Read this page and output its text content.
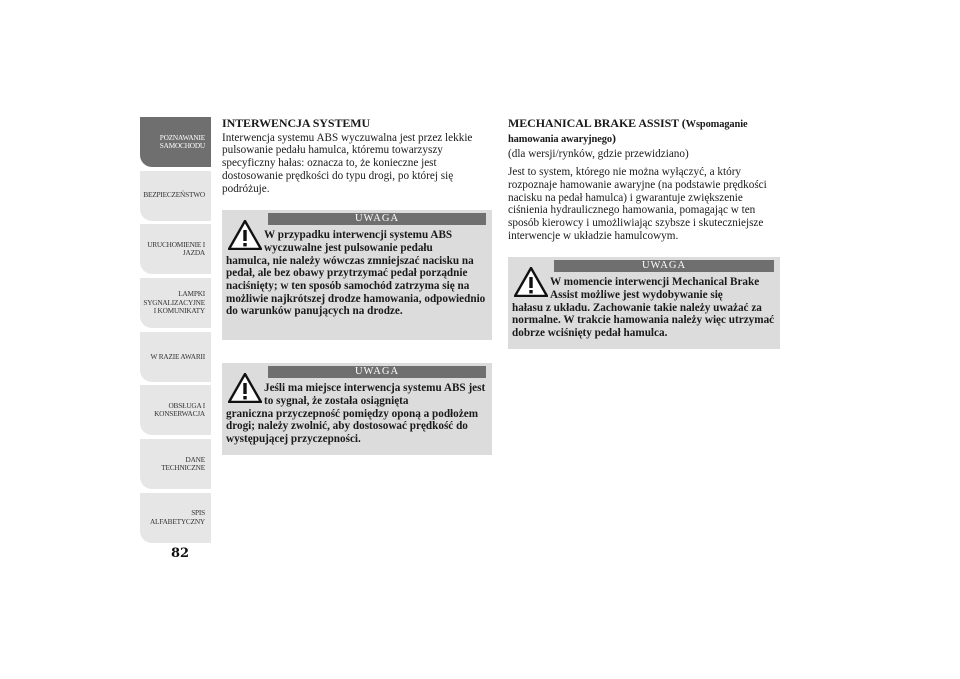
POZNAWANIE
SAMOCHODU
BEZPIECZEŃSTWO
URUCHOMIENIE I
JAZDA
LAMPKI
SYGNALIZACYJNE
I KOMUNIKATY
W RAZIE AWARII
OBSŁUGA I
KONSERWACJA
DANE
TECHNICZNE
SPIS
ALFABETYCZNY
82
INTERWENCJA SYSTEMU

Interwencja systemu ABS wyczuwalna jest przez lekkie pulsowanie pedału hamulca, któremu towarzyszy specyficzny hałas: oznacza to, że konieczne jest dostosowanie prędkości do typu drogi, po której się podróżuje.

UWAGA
W przypadku interwencji systemu ABS wyczuwalne jest pulsowanie pedału
hamulca, nie należy wówczas zmniejszać nacisku na pedał, ale bez obawy przytrzymać pedał porządnie naciśnięty; w ten sposób samochód zatrzyma się na możliwie najkrótszej drodze hamowania, odpowiednio do warunków panujących na drodze.
UWAGA
Jeśli ma miejsce interwencja systemu ABS jest to sygnał, że została osiągnięta
graniczna przyczepność pomiędzy oponą a podłożem drogi; należy zwolnić, aby dostosować prędkość do występującej przyczepności.
MECHANICAL BRAKE ASSIST (Wspomaganie hamowania awaryjnego)

(dla wersji/rynków, gdzie przewidziano)

Jest to system, którego nie można wyłączyć, a który rozpoznaje hamowanie awaryjne (na podstawie prędkości nacisku na pedał hamulca) i gwarantuje zwiększenie ciśnienia hydraulicznego hamowania, pomagając w ten sposób kierowcy i umożliwiając szybsze i skuteczniejsze interwencje w układzie hamulcowym.

UWAGA
W momencie interwencji Mechanical Brake Assist możliwe jest wydobywanie się
hałasu z układu. Zachowanie takie należy uważać za normalne. W trakcie hamowania należy więc utrzymać dobrze wciśnięty pedał hamulca.
